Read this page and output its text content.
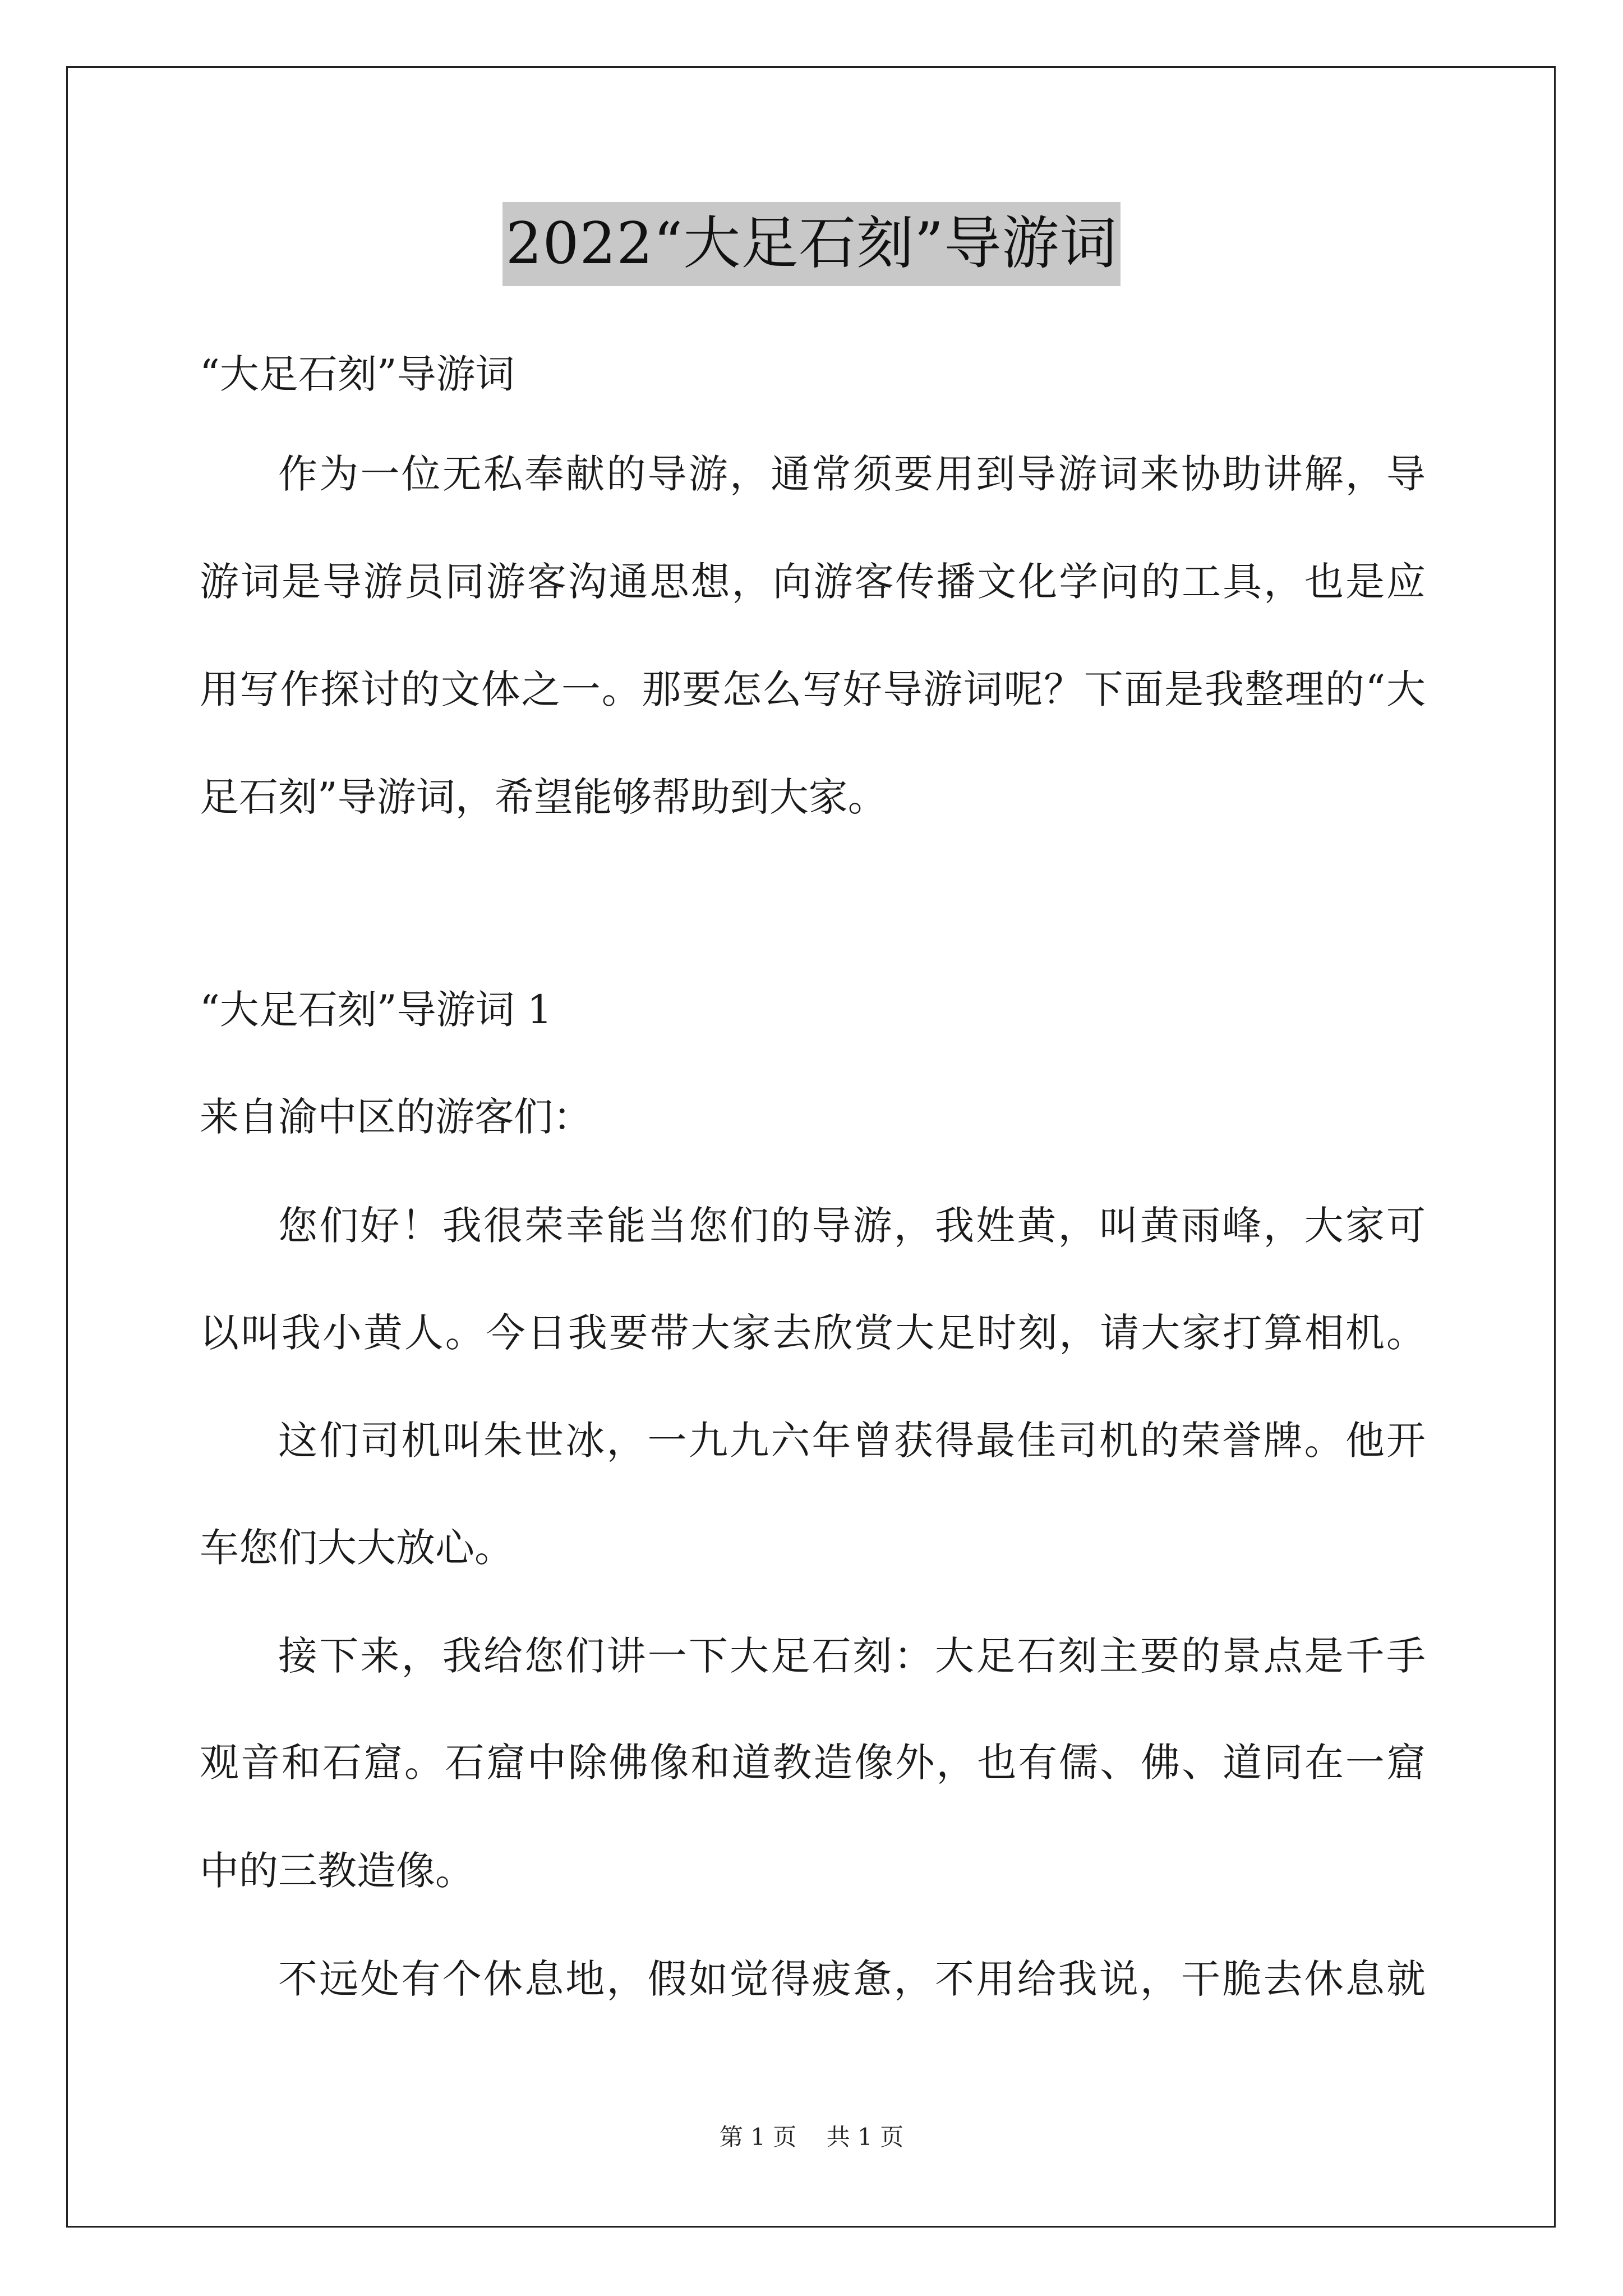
2022“大足石刻”导游词
“大足石刻”导游词
作为一位无私奉献的导游，通常须要用到导游词来协助讲解，导
游词是导游员同游客沟通思想，向游客传播文化学问的工具，也是应
用写作探讨的文体之一。那要怎么写好导游词呢？下面是我整理的“大
足石刻”导游词，希望能够帮助到大家。
“大足石刻”导游词 1
来自渝中区的游客们：
您们好！我很荣幸能当您们的导游，我姓黄，叫黄雨峰，大家可
以叫我小黄人。今日我要带大家去欣赏大足时刻，请大家打算相机。
这们司机叫朱世冰，一九九六年曾获得最佳司机的荣誉牌。他开
车您们大大放心。
接下来，我给您们讲一下大足石刻：大足石刻主要的景点是千手
观音和石窟。石窟中除佛像和道教造像外，也有儒、佛、道同在一窟
中的三教造像。
不远处有个休息地，假如觉得疲惫，不用给我说，干脆去休息就
第 1 页 共 1 页
